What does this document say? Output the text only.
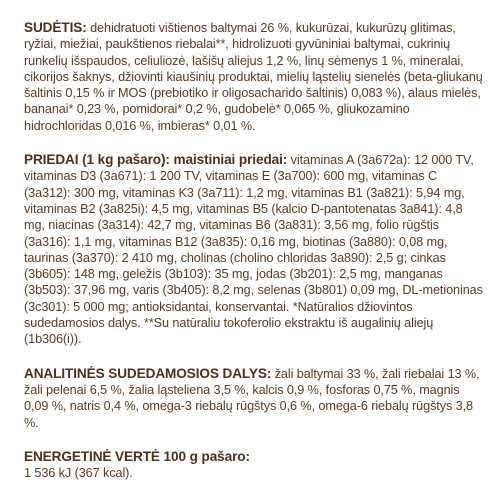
SUDĖTIS: dehidratuoti vištienos baltymai 26 %, kukurūzai, kukurūzų glitimas, ryžiai, miežiai, paukštienos riebalai**, hidrolizuoti gyvūniniai baltymai, cukrinių runkelių išspaudos, celiuliozė, lašišų aliejus 1,2 %, linų sėmenys 1 %, mineralai, cikorijos šaknys, džiovinti kiaušinių produktai, mielių ląstelių sienelės (beta-gliukanų šaltinis 0,15 % ir MOS (prebiotiko ir oligosacharido šaltinis) 0,083 %), alaus mielės, bananai* 0,23 %, pomidorai* 0,2 %, gudobelė* 0,065 %, gliukozamino hidrochloridas 0,016 %, imbieras* 0,01 %.

PRIEDAI (1 kg pašaro): maistiniai priedai: vitaminas A (3a672a): 12 000 TV, vitaminas D3 (3a671): 1 200 TV, vitaminas E (3a700): 600 mg, vitaminas C (3a312): 300 mg, vitaminas K3 (3a711): 1,2 mg, vitaminas B1 (3a821): 5,94 mg, vitaminas B2 (3a825i): 4,5 mg, vitaminas B5 (kalcio D-pantotenatas 3a841): 4,8 mg, niacinas (3a314): 42,7 mg, vitaminas B6 (3a831): 3,56 mg, folio rūgštis (3a316): 1,1 mg, vitaminas B12 (3a835): 0,16 mg, biotinas (3a880): 0,08 mg, taurinas (3a370): 2 410 mg, cholinas (cholino chloridas 3a890): 2,5 g; cinkas (3b605): 148 mg, geležis (3b103): 35 mg, jodas (3b201): 2,5 mg, manganas (3b503): 37,96 mg, varis (3b405): 8,2 mg, selenas (3b801) 0,09 mg, DL-metioninas (3c301): 5 000 mg; antioksidantai, konservantai. *Natūralios džiovintos sudedamosios dalys. **Su natūraliu tokoferolio ekstraktu iš augalinių aliejų (1b306(i)).

ANALITINĖS SUDEDAMOSIOS DALYS: žali baltymai 33 %, žali riebalai 13 %, žali pelenai 6,5 %, žalia ląsteliena 3,5 %, kalcis 0,9 %, fosforas 0,75 %, magnis 0,09 %, natris 0,4 %, omega-3 riebalų rūgštys 0,6 %, omega-6 riebalų rūgštys 3,8 %.

ENERGETINĖ VERTĖ 100 g pašaro:
1 536 kJ (367 kcal).
